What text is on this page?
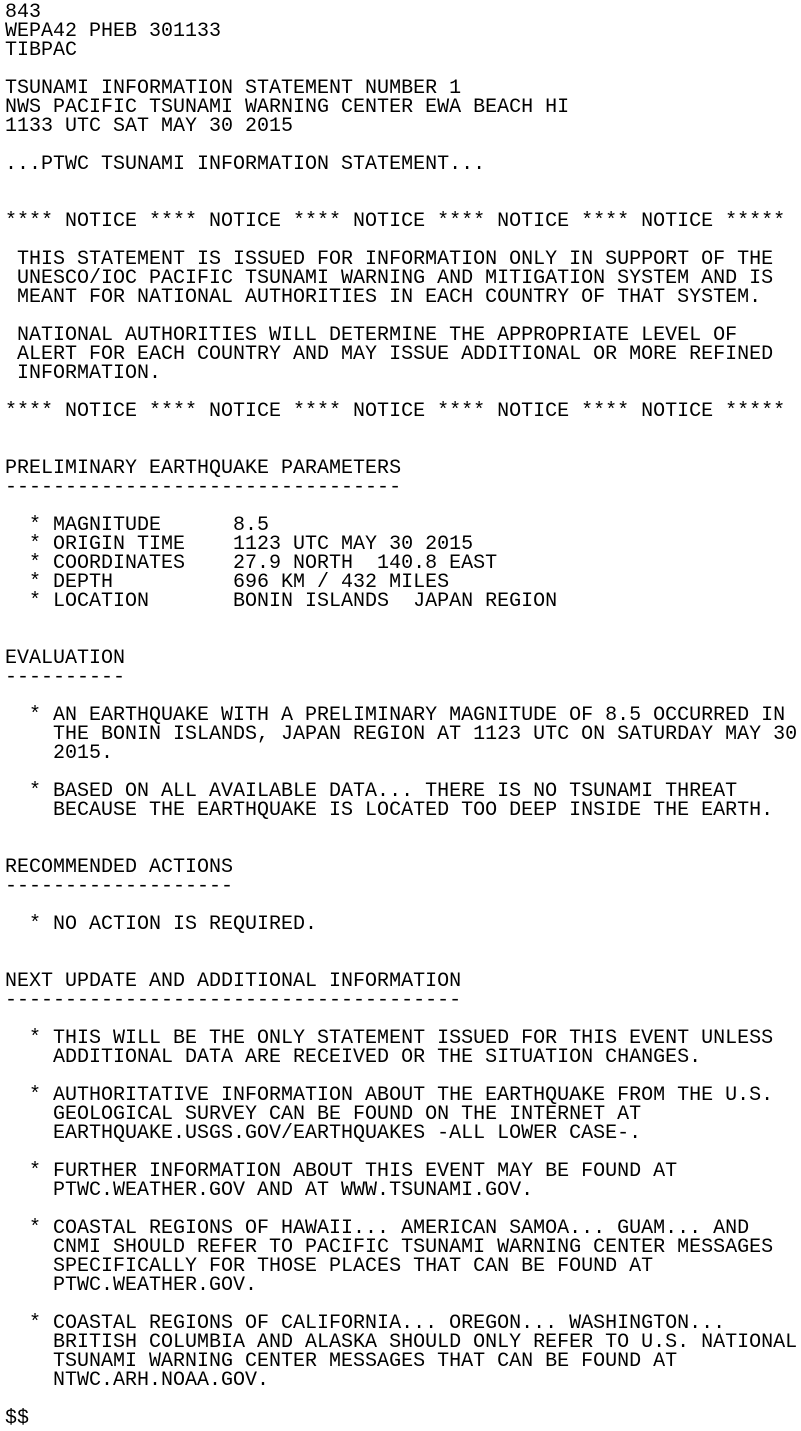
843
WEPA42 PHEB 301133
TIBPAC
TSUNAMI INFORMATION STATEMENT NUMBER 1
NWS PACIFIC TSUNAMI WARNING CENTER EWA BEACH HI
1133 UTC SAT MAY 30 2015
...PTWC TSUNAMI INFORMATION STATEMENT...
**** NOTICE **** NOTICE **** NOTICE **** NOTICE **** NOTICE *****
THIS STATEMENT IS ISSUED FOR INFORMATION ONLY IN SUPPORT OF THE
UNESCO/IOC PACIFIC TSUNAMI WARNING AND MITIGATION SYSTEM AND IS
MEANT FOR NATIONAL AUTHORITIES IN EACH COUNTRY OF THAT SYSTEM.
NATIONAL AUTHORITIES WILL DETERMINE THE APPROPRIATE LEVEL OF
ALERT FOR EACH COUNTRY AND MAY ISSUE ADDITIONAL OR MORE REFINED
INFORMATION.
**** NOTICE **** NOTICE **** NOTICE **** NOTICE **** NOTICE *****
PRELIMINARY EARTHQUAKE PARAMETERS
---------------------------------
* MAGNITUDE      8.5
* ORIGIN TIME    1123 UTC MAY 30 2015
* COORDINATES    27.9 NORTH  140.8 EAST
* DEPTH          696 KM / 432 MILES
* LOCATION       BONIN ISLANDS  JAPAN REGION
EVALUATION
----------
* AN EARTHQUAKE WITH A PRELIMINARY MAGNITUDE OF 8.5 OCCURRED IN
THE BONIN ISLANDS, JAPAN REGION AT 1123 UTC ON SATURDAY MAY 30
2015.
* BASED ON ALL AVAILABLE DATA... THERE IS NO TSUNAMI THREAT
BECAUSE THE EARTHQUAKE IS LOCATED TOO DEEP INSIDE THE EARTH.
RECOMMENDED ACTIONS
-------------------
* NO ACTION IS REQUIRED.
NEXT UPDATE AND ADDITIONAL INFORMATION
--------------------------------------
* THIS WILL BE THE ONLY STATEMENT ISSUED FOR THIS EVENT UNLESS
ADDITIONAL DATA ARE RECEIVED OR THE SITUATION CHANGES.
* AUTHORITATIVE INFORMATION ABOUT THE EARTHQUAKE FROM THE U.S.
GEOLOGICAL SURVEY CAN BE FOUND ON THE INTERNET AT
EARTHQUAKE.USGS.GOV/EARTHQUAKES -ALL LOWER CASE-.
* FURTHER INFORMATION ABOUT THIS EVENT MAY BE FOUND AT
PTWC.WEATHER.GOV AND AT WWW.TSUNAMI.GOV.
* COASTAL REGIONS OF HAWAII... AMERICAN SAMOA... GUAM... AND
CNMI SHOULD REFER TO PACIFIC TSUNAMI WARNING CENTER MESSAGES
SPECIFICALLY FOR THOSE PLACES THAT CAN BE FOUND AT
PTWC.WEATHER.GOV.
* COASTAL REGIONS OF CALIFORNIA... OREGON... WASHINGTON...
BRITISH COLUMBIA AND ALASKA SHOULD ONLY REFER TO U.S. NATIONAL
TSUNAMI WARNING CENTER MESSAGES THAT CAN BE FOUND AT
NTWC.ARH.NOAA.GOV.
$$
